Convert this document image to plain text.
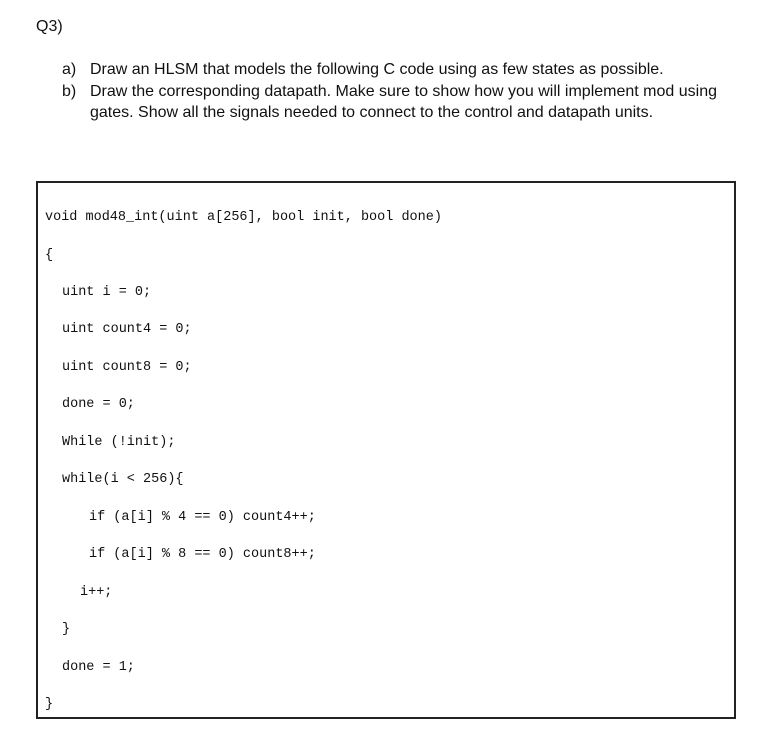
Q3)
a) Draw an HLSM that models the following C code using as few states as possible.
b) Draw the corresponding datapath. Make sure to show how you will implement mod using gates. Show all the signals needed to connect to the control and datapath units.
void mod48_int(uint a[256], bool init, bool done)
{
uint i = 0;
uint count4 = 0;
uint count8 = 0;
done = 0;
While (!init);
while(i < 256){
if (a[i] % 4 == 0) count4++;
if (a[i] % 8 == 0) count8++;
i++;
}
done = 1;
}
